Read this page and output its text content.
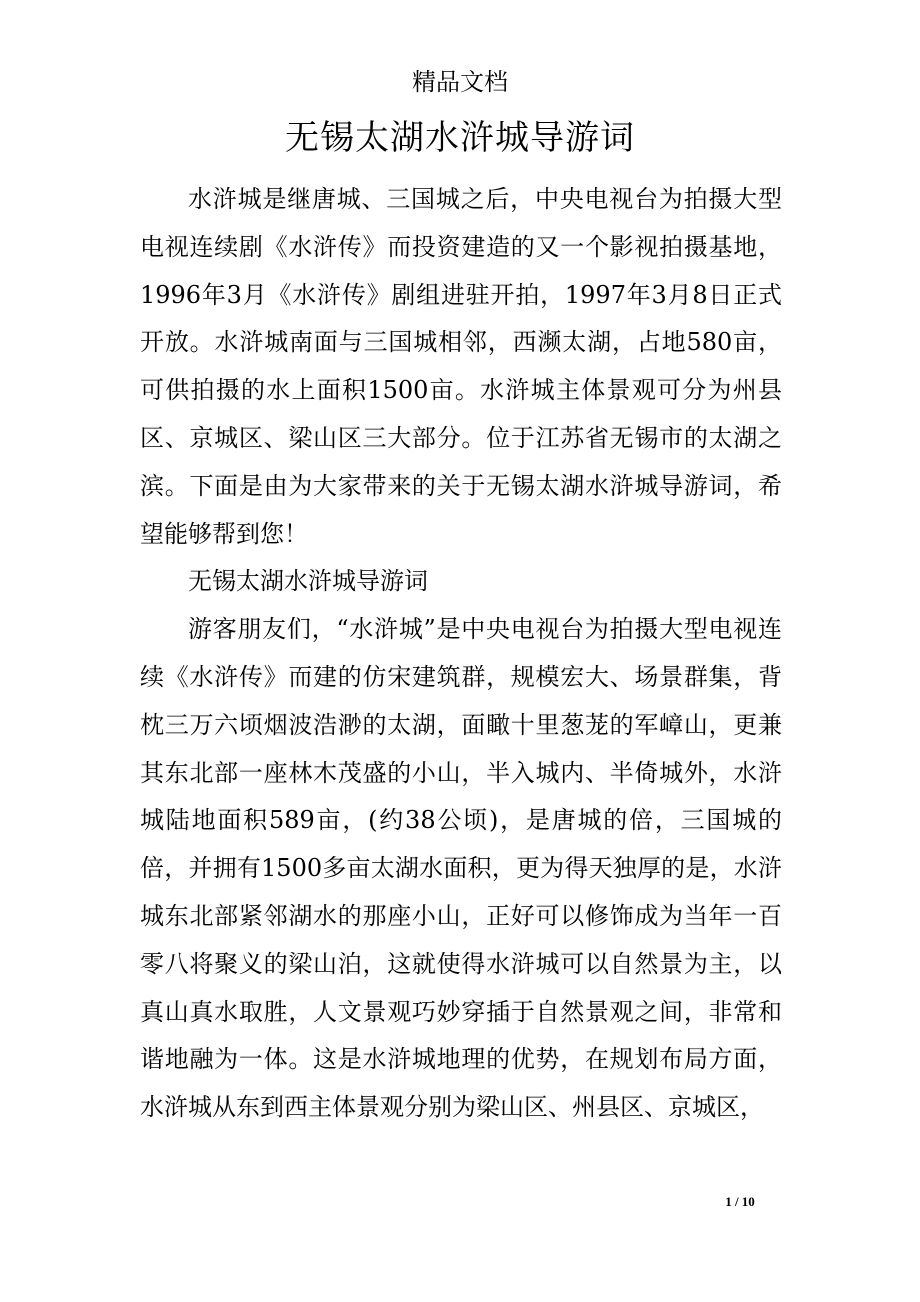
精品文档
无锡太湖水浒城导游词

水浒城是继唐城、三国城之后，中央电视台为拍摄大型电视连续剧《水浒传》而投资建造的又一个影视拍摄基地，1996年3月《水浒传》剧组进驻开拍，1997年3月8日正式开放。水浒城南面与三国城相邻，西濒太湖，占地580亩，可供拍摄的水上面积1500亩。水浒城主体景观可分为州县区、京城区、梁山区三大部分。位于江苏省无锡市的太湖之滨。下面是由为大家带来的关于无锡太湖水浒城导游词，希望能够帮到您！

无锡太湖水浒城导游词

游客朋友们，“水浒城”是中央电视台为拍摄大型电视连续《水浒传》而建的仿宋建筑群，规模宏大、场景群集，背枕三万六顷烟波浩渺的太湖，面瞰十里葱茏的军嶂山，更兼其东北部一座林木茂盛的小山，半入城内、半倚城外，水浒城陆地面积589亩，(约38公顷)，是唐城的倍，三国城的倍，并拥有1500多亩太湖水面积，更为得天独厚的是，水浒城东北部紧邻湖水的那座小山，正好可以修饰成为当年一百零八将聚义的梁山泊，这就使得水浒城可以自然景为主，以真山真水取胜，人文景观巧妙穿插于自然景观之间，非常和谐地融为一体。这是水浒城地理的优势，在规划布局方面，水浒城从东到西主体景观分别为梁山区、州县区、京城区，

1 / 10
